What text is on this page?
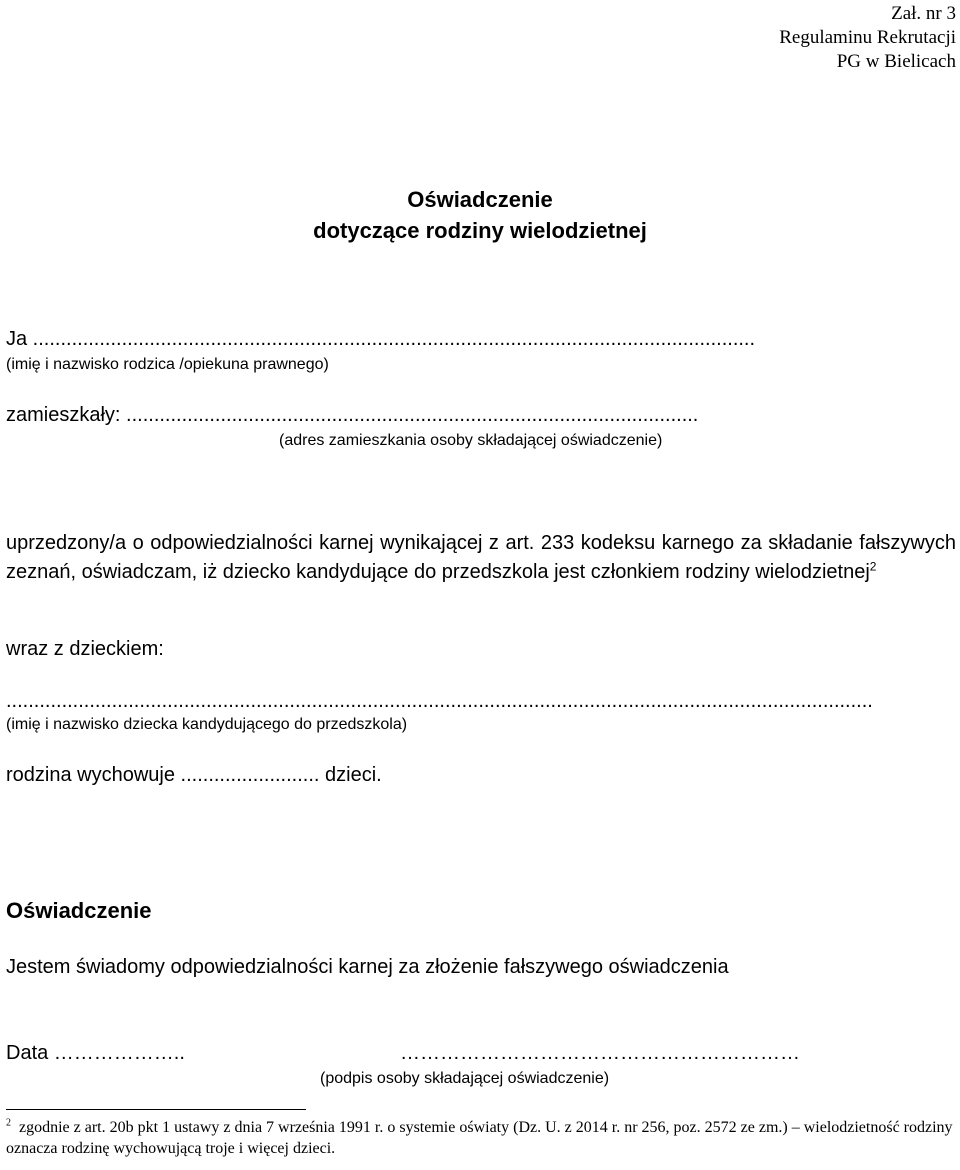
Zał. nr 3
Regulaminu Rekrutacji
PG w Bielicach
Oświadczenie
dotyczące rodziny wielodzietnej
Ja ..................................................................................................................................
(imię i nazwisko rodzica /opiekuna prawnego)
zamieszkały: .......................................................................................................
(adres zamieszkania osoby składającej oświadczenie)
uprzedzony/a o odpowiedzialności karnej wynikającej z art. 233 kodeksu karnego za składanie fałszywych zeznań, oświadczam, iż dziecko kandydujące do przedszkola jest członkiem rodziny wielodzietnej$^2$
wraz z dzieckiem:
............................................................................................................................................................
(imię i nazwisko dziecka kandydującego do przedszkola)
rodzina wychowuje ......................... dzieci.
Oświadczenie
Jestem świadomy odpowiedzialności karnej za złożenie fałszywego oświadczenia
Data ………………..	……………………………………………………
(podpis osoby składającej oświadczenie)
$^2$ zgodnie z art. 20b pkt 1 ustawy z dnia 7 września 1991 r. o systemie oświaty (Dz. U. z 2014 r. nr 256, poz. 2572 ze zm.) – wielodzietność rodziny oznacza rodzinę wychowującą troje i więcej dzieci.
